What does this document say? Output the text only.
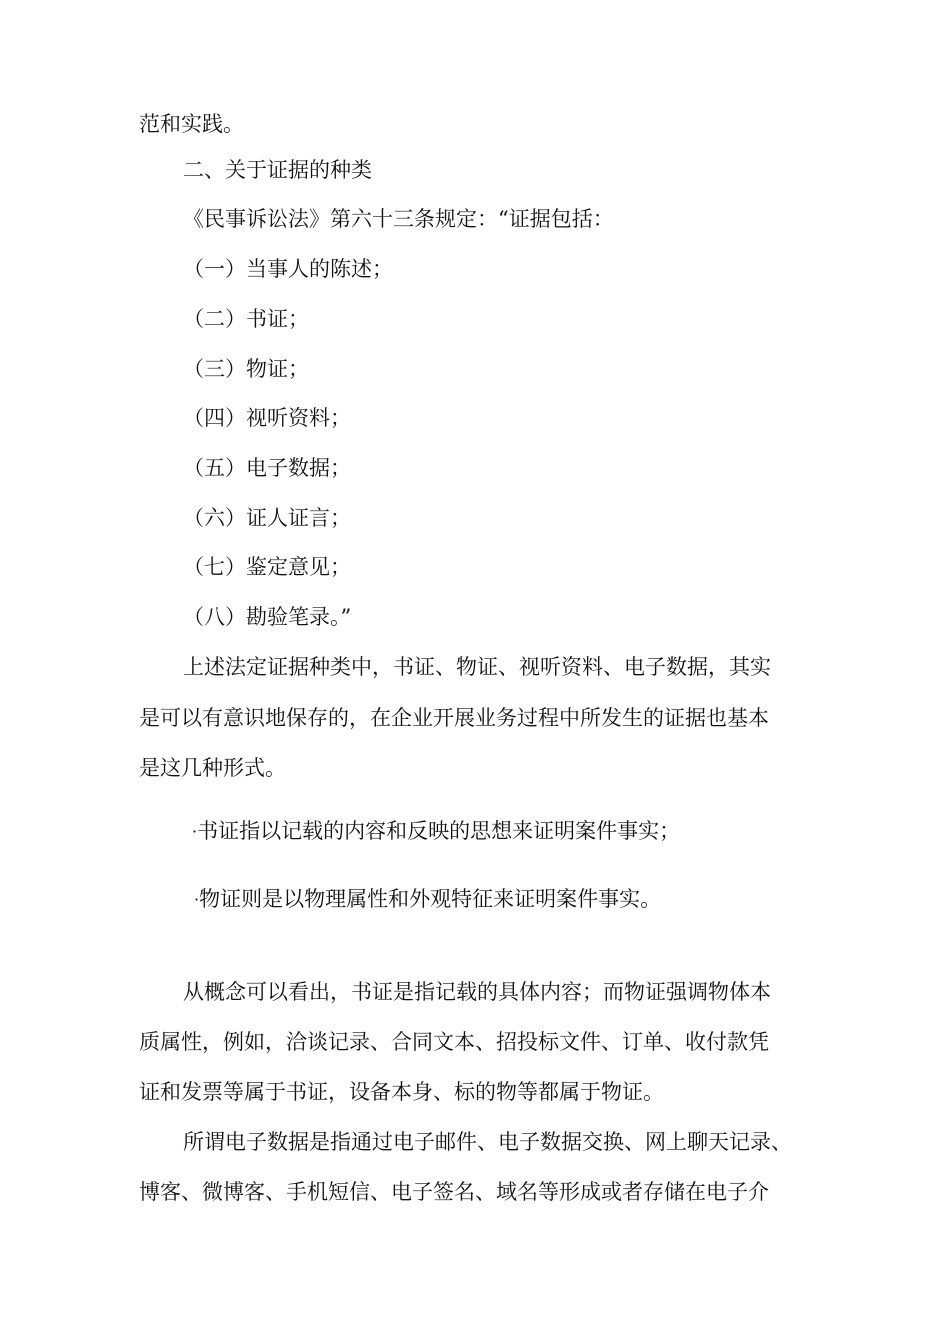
范和实践。
二、关于证据的种类
《民事诉讼法》第六十三条规定：“证据包括：
（一）当事人的陈述；
（二）书证；
（三）物证；
（四）视听资料；
（五）电子数据；
（六）证人证言；
（七）鉴定意见；
（八）勘验笔录。”
上述法定证据种类中，书证、物证、视听资料、电子数据，其实
是可以有意识地保存的，在企业开展业务过程中所发生的证据也基本
是这几种形式。
·书证指以记载的内容和反映的思想来证明案件事实；
·物证则是以物理属性和外观特征来证明案件事实。
从概念可以看出，书证是指记载的具体内容；而物证强调物体本
质属性，例如，洽谈记录、合同文本、招投标文件、订单、收付款凭
证和发票等属于书证，设备本身、标的物等都属于物证。
所谓电子数据是指通过电子邮件、电子数据交换、网上聊天记录、
博客、微博客、手机短信、电子签名、域名等形成或者存储在电子介
